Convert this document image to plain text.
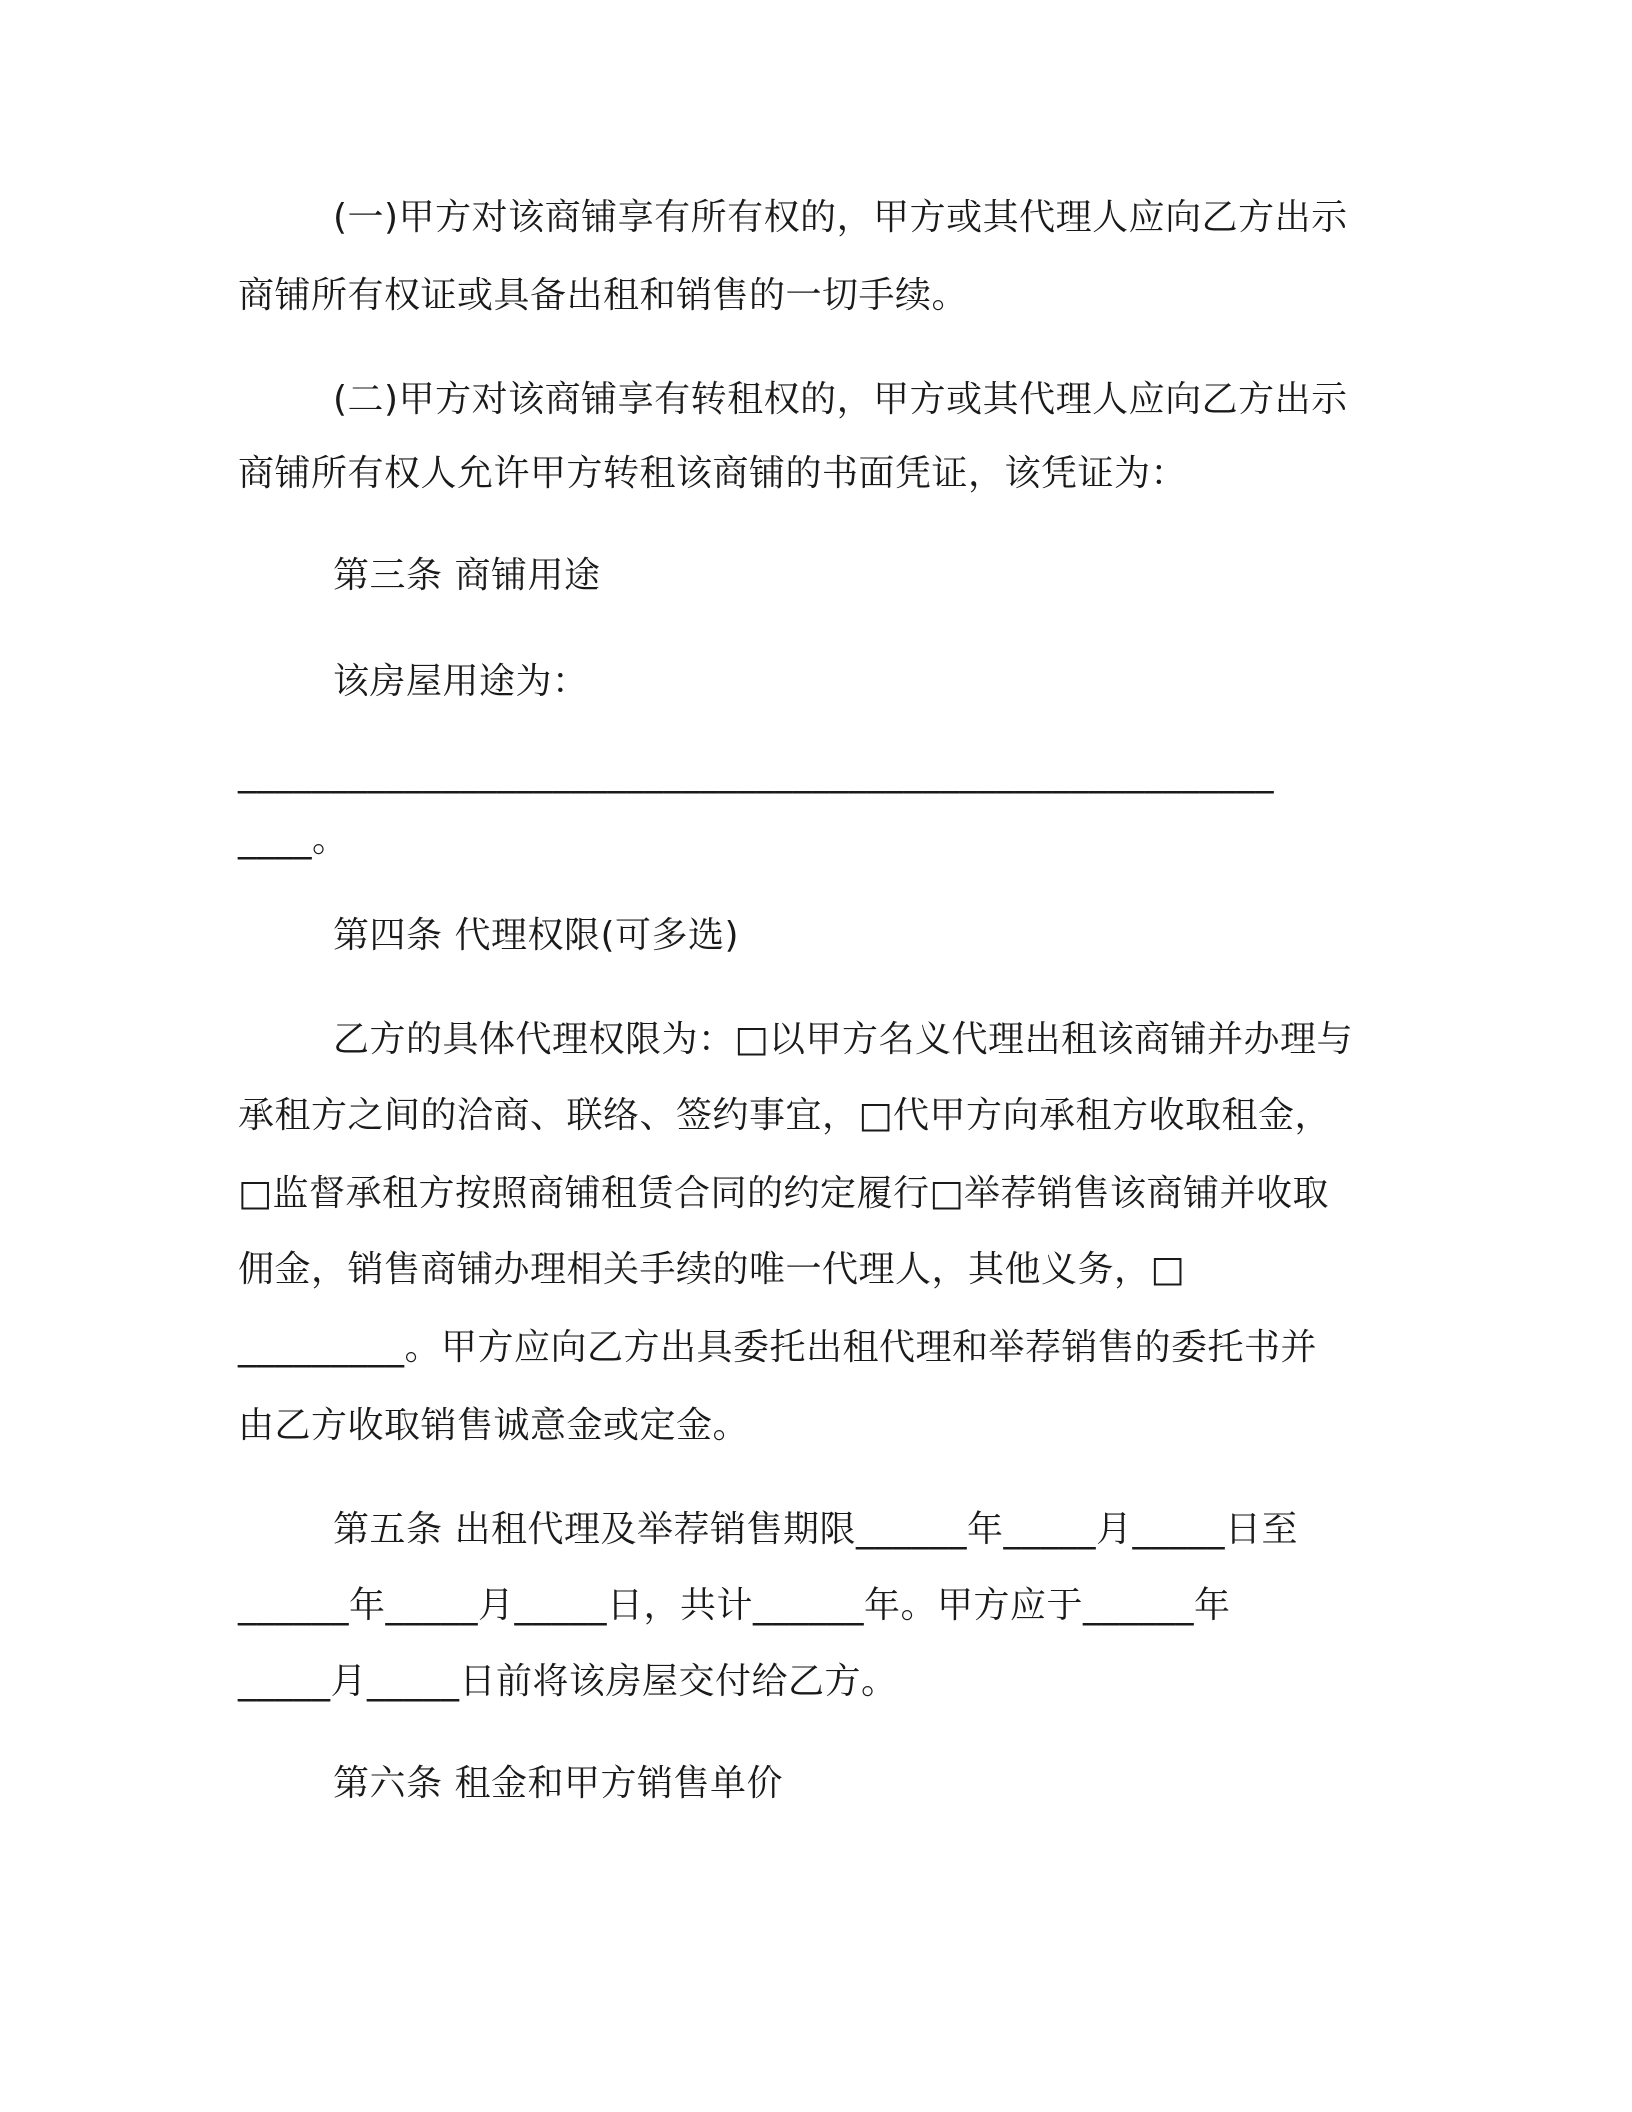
(一)甲方对该商铺享有所有权的，甲方或其代理人应向乙方出示
商铺所有权证或具备出租和销售的一切手续。
(二)甲方对该商铺享有转租权的，甲方或其代理人应向乙方出示
商铺所有权人允许甲方转租该商铺的书面凭证，该凭证为：
第三条 商铺用途
该房屋用途为：
________________________________________________________
____。
第四条 代理权限(可多选)
乙方的具体代理权限为：□以甲方名义代理出租该商铺并办理与
承租方之间的洽商、联络、签约事宜，□代甲方向承租方收取租金，
□监督承租方按照商铺租赁合同的约定履行□举荐销售该商铺并收取
佣金，销售商铺办理相关手续的唯一代理人，其他义务，□
_________。甲方应向乙方出具委托出租代理和举荐销售的委托书并
由乙方收取销售诚意金或定金。
第五条 出租代理及举荐销售期限______年_____月_____日至
______年_____月_____日，共计______年。甲方应于______年
_____月_____日前将该房屋交付给乙方。
第六条 租金和甲方销售单价
